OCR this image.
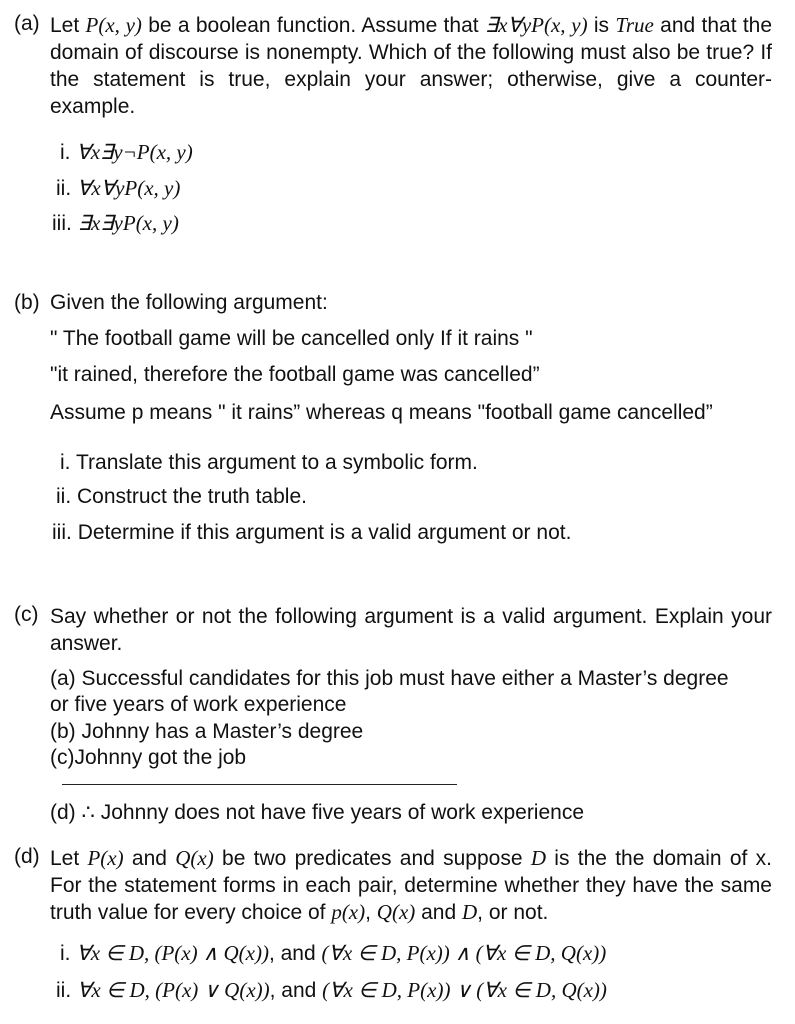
(a) Let P(x, y) be a boolean function. Assume that ∃x∀yP(x, y) is True and that the domain of discourse is nonempty. Which of the following must also be true? If the statement is true, explain your answer; otherwise, give a counter-example.
i. ∀x∃y¬P(x, y)
ii. ∀x∀yP(x, y)
iii. ∃x∃yP(x, y)
(b) Given the following argument:
" The football game will be cancelled only If it rains "
"it rained, therefore the football game was cancelled”
Assume p means " it rains” whereas q means "football game cancelled”
i. Translate this argument to a symbolic form.
ii. Construct the truth table.
iii. Determine if this argument is a valid argument or not.
(c) Say whether or not the following argument is a valid argument. Explain your answer.
(a) Successful candidates for this job must have either a Master’s degree
or five years of work experience
(b) Johnny has a Master’s degree
(c)Johnny got the job
(d) ∴ Johnny does not have five years of work experience
(d) Let P(x) and Q(x) be two predicates and suppose D is the the domain of x. For the statement forms in each pair, determine whether they have the same truth value for every choice of p(x), Q(x) and D, or not.
i. ∀x ∈ D, (P(x) ∧ Q(x)), and (∀x ∈ D, P(x)) ∧ (∀x ∈ D, Q(x))
ii. ∀x ∈ D, (P(x) ∨ Q(x)), and (∀x ∈ D, P(x)) ∨ (∀x ∈ D, Q(x))
